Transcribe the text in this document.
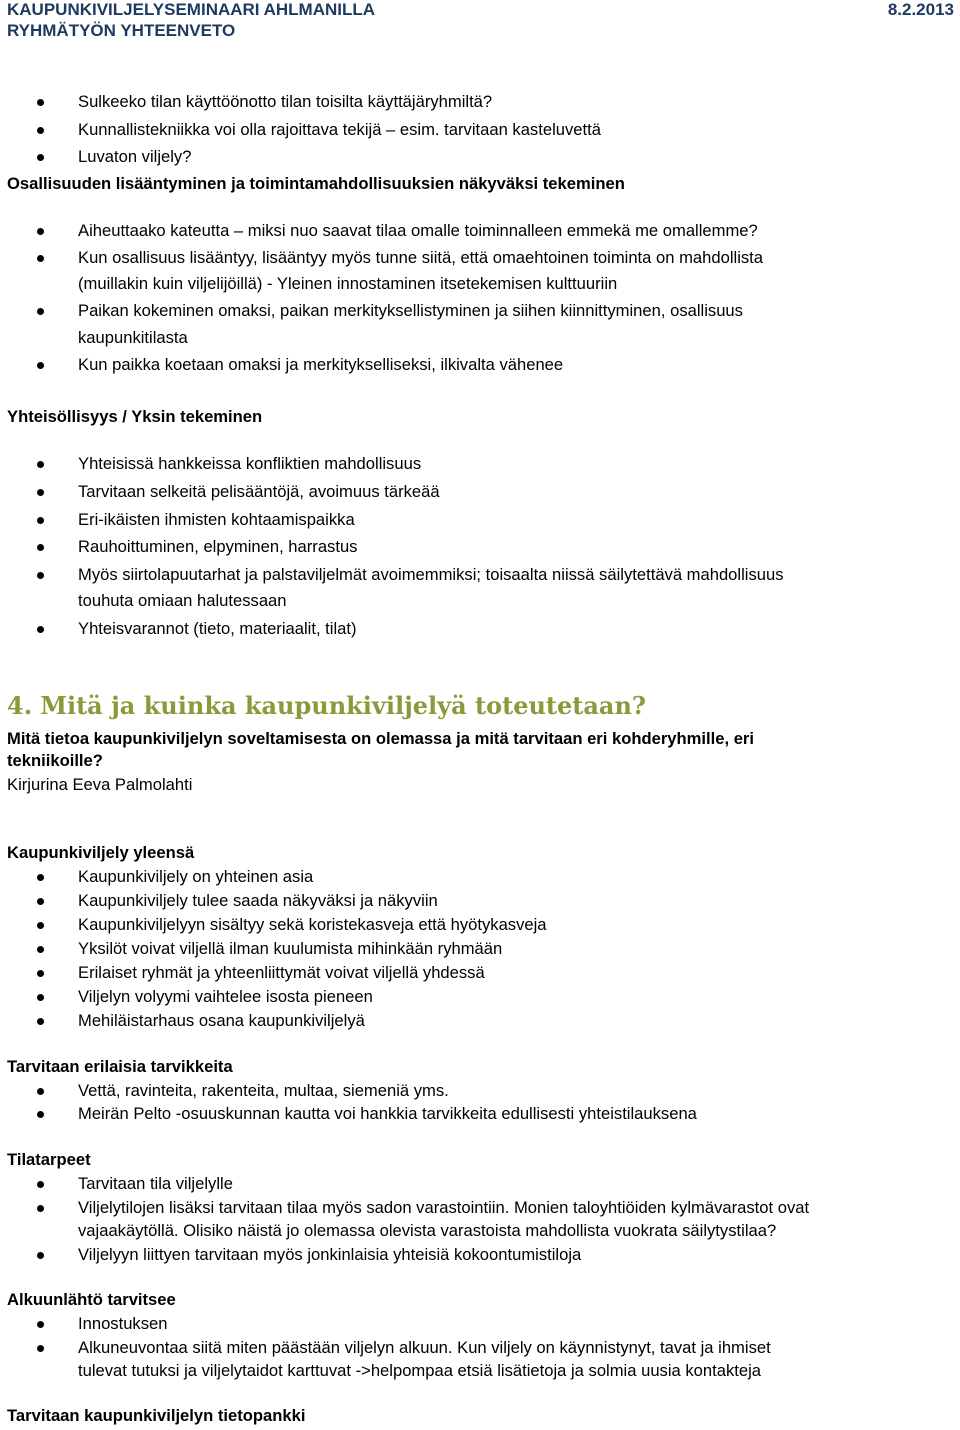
KAUPUNKIVILJELYSEMINAARI AHLMANILLA	8.2.2013
RYHMÄTYÖN YHTEENVETO
Sulkeeko tilan käyttöönotto tilan toisilta käyttäjäryhmiltä?
Kunnallistekniikka voi olla rajoittava tekijä – esim. tarvitaan kasteluvettä
Luvaton viljely?
Osallisuuden lisääntyminen ja toimintamahdollisuuksien näkyväksi tekeminen
Aiheuttaako kateutta – miksi nuo saavat tilaa omalle toiminnalleen emmekä me omallemme?
Kun osallisuus lisääntyy, lisääntyy myös tunne siitä, että omaehtoinen toiminta on mahdollista
(muillakin kuin viljelijöillä) - Yleinen innostaminen itsetekemisen kulttuuriin
Paikan kokeminen omaksi, paikan merkityksellistyminen ja siihen kiinnittyminen, osallisuus
kaupunkitilasta
Kun paikka koetaan omaksi ja merkitykselliseksi, ilkivalta vähenee
Yhteisöllisyys / Yksin tekeminen
Yhteisissä hankkeissa konfliktien mahdollisuus
Tarvitaan selkeitä pelisääntöjä, avoimuus tärkeää
Eri-ikäisten ihmisten kohtaamispaikka
Rauhoittuminen, elpyminen, harrastus
Myös siirtolapuutarhat ja palstaviljelmät avoimemmiksi; toisaalta niissä säilytettävä mahdollisuus
touhuta omiaan halutessaan
Yhteisvarannot (tieto, materiaalit, tilat)
4. Mitä ja kuinka kaupunkiviljelyä toteutetaan?
Mitä tietoa kaupunkiviljelyn soveltamisesta on olemassa ja mitä tarvitaan eri kohderyhmille, eri
tekniikoille?
Kirjurina Eeva Palmolahti
Kaupunkiviljely yleensä
Kaupunkiviljely on yhteinen asia
Kaupunkiviljely tulee saada näkyväksi ja näkyviin
Kaupunkiviljelyyn sisältyy sekä koristekasveja että hyötykasveja
Yksilöt voivat viljellä ilman kuulumista mihinkään ryhmään
Erilaiset ryhmät ja yhteenliittymät voivat viljellä yhdessä
Viljelyn volyymi vaihtelee isosta pieneen
Mehiläistarhaus osana kaupunkiviljelyä
Tarvitaan erilaisia tarvikkeita
Vettä, ravinteita, rakenteita, multaa, siemeniä yms.
Meirän Pelto -osuuskunnan kautta voi hankkia tarvikkeita edullisesti yhteistilauksena
Tilatarpeet
Tarvitaan tila viljelylle
Viljelytilojen lisäksi tarvitaan tilaa myös sadon varastointiin. Monien taloyhtiöiden kylmävarastot ovat
vajaakäytöllä. Olisiko näistä jo olemassa olevista varastoista mahdollista vuokrata säilytystilaa?
Viljelyyn liittyen tarvitaan myös jonkinlaisia yhteisiä kokoontumistiloja
Alkuunlähtö tarvitsee
Innostuksen
Alkuneuvontaa siitä miten päästään viljelyn alkuun. Kun viljely on käynnistynyt, tavat ja ihmiset
tulevat tutuksi ja viljelytaidot karttuvat ->helpompaa etsiä lisätietoja ja solmia uusia kontakteja
Tarvitaan kaupunkiviljelyn tietopankki
